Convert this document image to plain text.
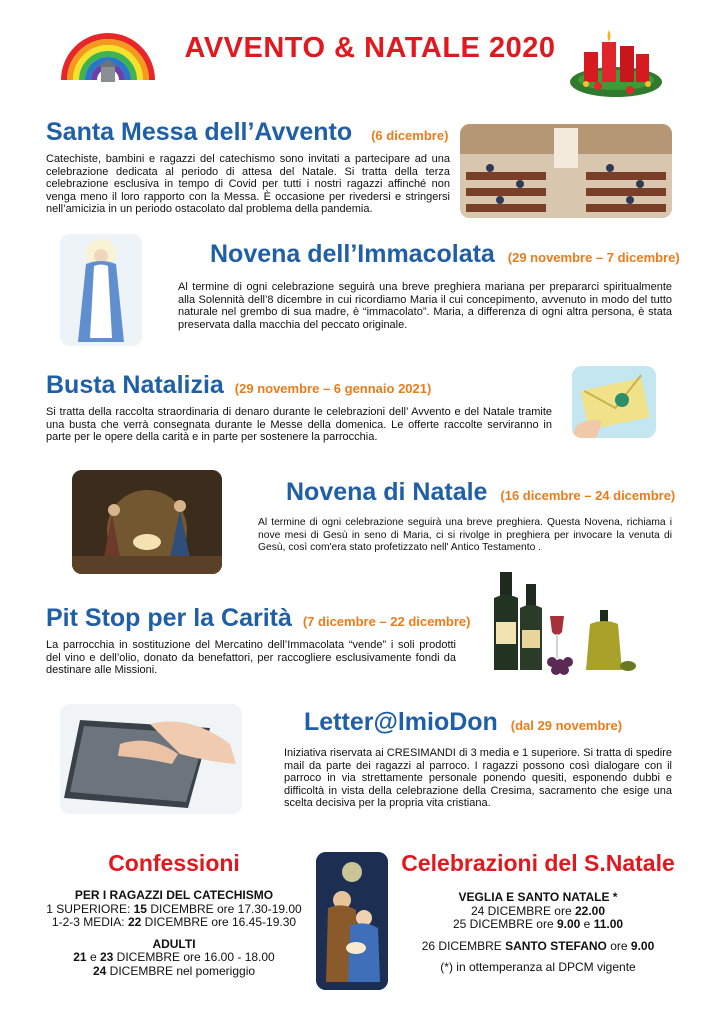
AVVENTO & NATALE 2020
Santa Messa dell’Avvento (6 dicembre)

Catechiste, bambini e ragazzi del catechismo sono invitati a partecipare ad una celebrazione dedicata al periodo di attesa del Natale. Si tratta della terza celebrazione esclusiva in tempo di Covid per tutti i nostri ragazzi affinché non venga meno il loro rapporto con la Messa. È occasione per rivedersi e stringersi nell’amicizia in un periodo ostacolato dal problema della pandemia.

Novena dell’Immacolata (29 novembre – 7 dicembre)

Al termine di ogni celebrazione seguirà una breve preghiera mariana per prepararci spiritualmente alla Solennità dell’8 dicembre in cui ricordiamo Maria il cui concepimento, avvenuto in modo del tutto naturale nel grembo di sua madre, è “immacolato”. Maria, a differenza di ogni altra persona, è stata preservata dalla macchia del peccato originale.

Busta Natalizia (29 novembre – 6 gennaio 2021)

Si tratta della raccolta straordinaria di denaro durante le celebrazioni dell’ Avvento e del Natale tramite una busta che verrà consegnata durante le Messe della domenica. Le offerte raccolte serviranno in parte per le opere della carità e in parte per sostenere la parrocchia.

Novena di Natale (16 dicembre – 24 dicembre)

Al termine di ogni celebrazione seguirà una breve preghiera. Questa Novena, richiama i nove mesi di Gesù in seno di Maria, ci si rivolge in preghiera per invocare la venuta di Gesù, così com'era stato profetizzato nell' Antico Testamento .

Pit Stop per la Carità (7 dicembre – 22 dicembre)

La parrocchia in sostituzione del Mercatino dell’Immacolata “vende” i soli prodotti del vino e dell’olio, donato da benefattori, per raccogliere esclusivamente fondi da destinare alle Missioni.

Letter@lmioDon (dal 29 novembre)

Iniziativa riservata ai CRESIMANDI di 3 media e 1 superiore. Si tratta di spedire mail da parte dei ragazzi al parroco. I ragazzi possono così dialogare con il parroco in via strettamente personale ponendo quesiti, esponendo dubbi e difficoltà in vista della celebrazione della Cresima, sacramento che esige una scelta decisiva per la propria vita cristiana.

Confessioni

PER I RAGAZZI DEL CATECHISMO

1 SUPERIORE: 15 DICEMBRE ore 17.30-19.00

1-2-3 MEDIA: 22 DICEMBRE ore 16.45-19.30

ADULTI

21 e 23 DICEMBRE ore 16.00 - 18.00

24 DICEMBRE nel pomeriggio

Celebrazioni del S.Natale

VEGLIA E SANTO NATALE *

24 DICEMBRE ore 22.00

25 DICEMBRE ore 9.00 e 11.00

26 DICEMBRE SANTO STEFANO ore 9.00

(*) in ottemperanza al DPCM vigente
